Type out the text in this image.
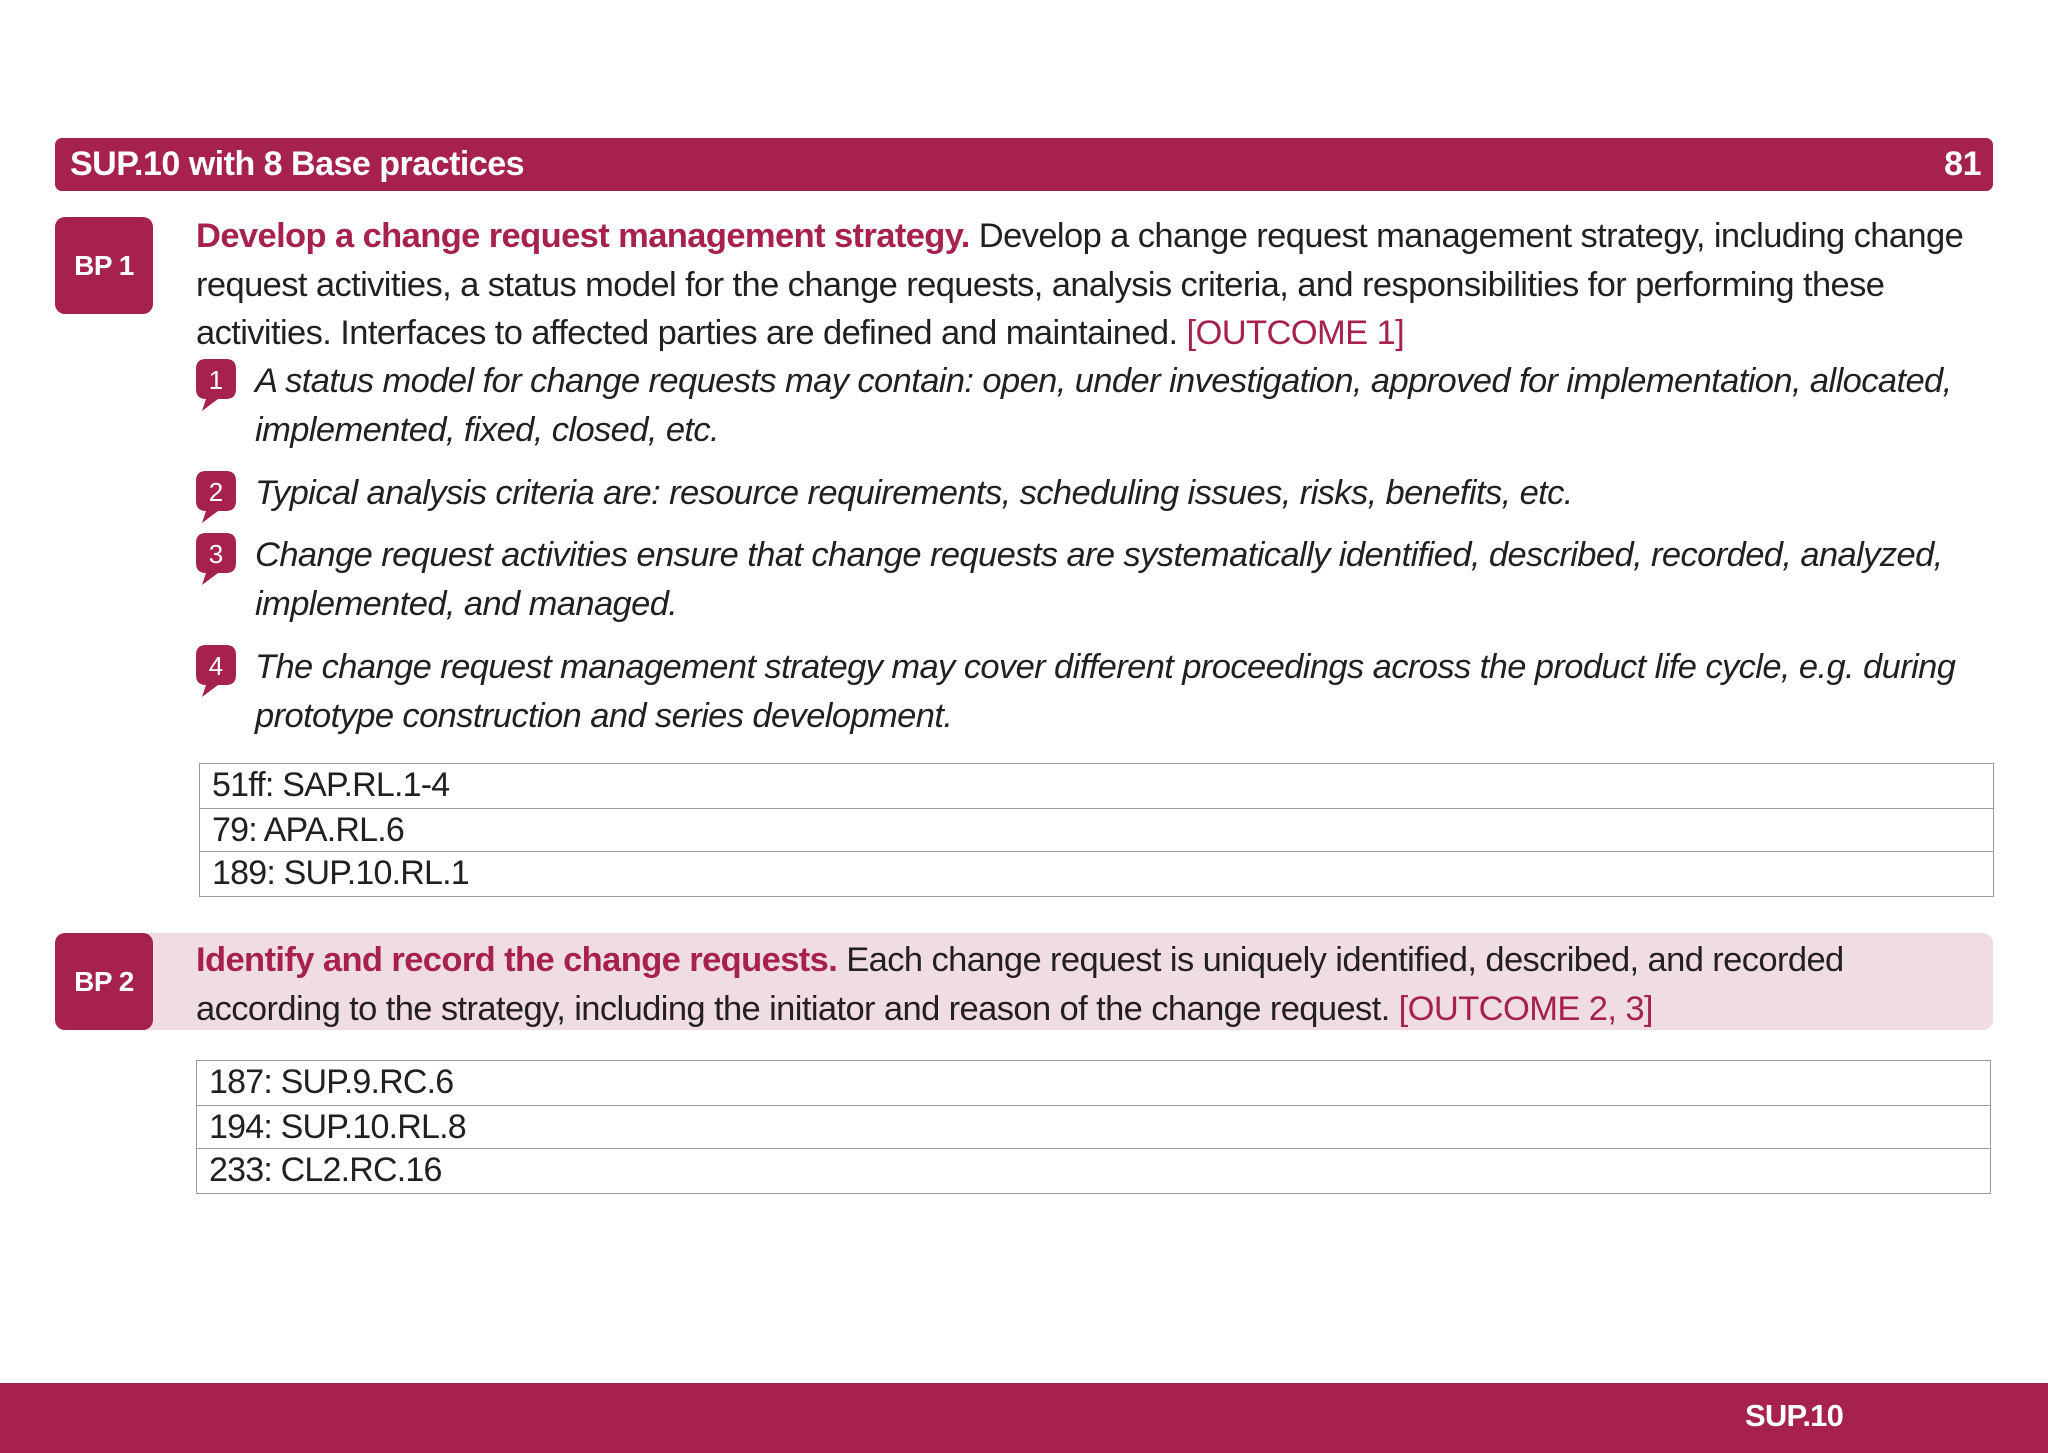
SUP.10 with 8 Base practices	81
BP 1
Develop a change request management strategy. Develop a change request management strategy, including change request activities, a status model for the change requests, analysis criteria, and responsibilities for performing these activities. Interfaces to affected parties are defined and maintained. [OUTCOME 1]
1 A status model for change requests may contain: open, under investigation, approved for implementation, allocated, implemented, fixed, closed, etc.
2 Typical analysis criteria are: resource requirements, scheduling issues, risks, benefits, etc.
3 Change request activities ensure that change requests are systematically identified, described, recorded, analyzed, implemented, and managed.
4 The change request management strategy may cover different proceedings across the product life cycle, e.g. during prototype construction and series development.
51ff: SAP.RL.1-4
79: APA.RL.6
189: SUP.10.RL.1
BP 2
Identify and record the change requests. Each change request is uniquely identified, described, and recorded according to the strategy, including the initiator and reason of the change request. [OUTCOME 2, 3]
187: SUP.9.RC.6
194: SUP.10.RL.8
233: CL2.RC.16
SUP.10
